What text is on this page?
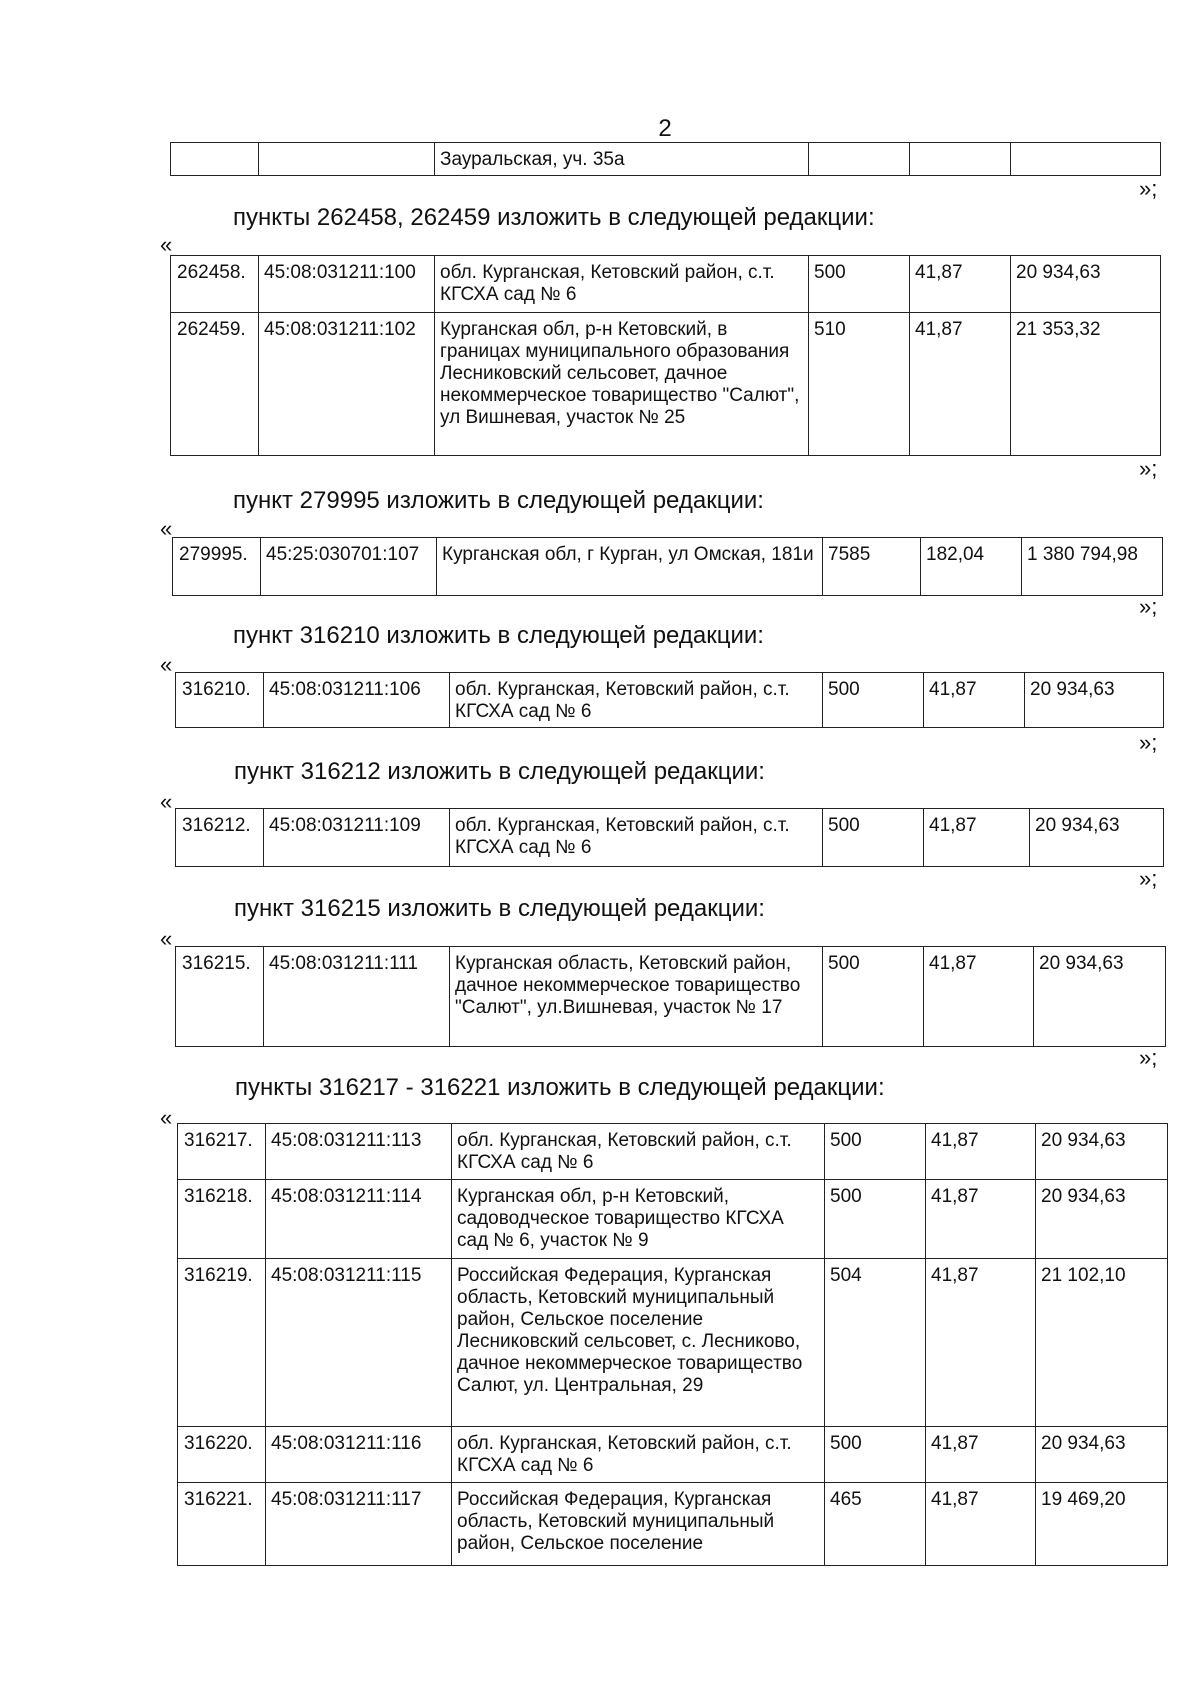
2
		Зауральская, уч. 35а			
»;
пункты 262458, 262459 изложить в следующей редакции:
«
262458.	45:08:031211:100	обл. Курганская, Кетовский район, с.т. КГСХА сад № 6	500	41,87	20 934,63
262459.	45:08:031211:102	Курганская обл, р-н Кетовский, в границах муниципального образования Лесниковский сельсовет, дачное некоммерческое товарищество "Салют", ул Вишневая, участок № 25	510	41,87	21 353,32
»;
пункт 279995 изложить в следующей редакции:
«
279995.	45:25:030701:107	Курганская обл, г Курган, ул Омская, 181и	7585	182,04	1 380 794,98
»;
пункт 316210 изложить в следующей редакции:
«
316210.	45:08:031211:106	обл. Курганская, Кетовский район, с.т. КГСХА сад № 6	500	41,87	20 934,63
»;
пункт 316212 изложить в следующей редакции:
«
316212.	45:08:031211:109	обл. Курганская, Кетовский район, с.т. КГСХА сад № 6	500	41,87	20 934,63
»;
пункт 316215 изложить в следующей редакции:
«
316215.	45:08:031211:111	Курганская область, Кетовский район, дачное некоммерческое товарищество "Салют", ул.Вишневая, участок № 17	500	41,87	20 934,63
»;
пункты 316217 - 316221 изложить в следующей редакции:
«
316217.	45:08:031211:113	обл. Курганская, Кетовский район, с.т. КГСХА сад № 6	500	41,87	20 934,63
316218.	45:08:031211:114	Курганская обл, р-н Кетовский, садоводческое товарищество КГСХА сад № 6, участок № 9	500	41,87	20 934,63
316219.	45:08:031211:115	Российская Федерация, Курганская область, Кетовский муниципальный район, Сельское поселение Лесниковский сельсовет, с. Лесниково, дачное некоммерческое товарищество Салют, ул. Центральная, 29	504	41,87	21 102,10
316220.	45:08:031211:116	обл. Курганская, Кетовский район, с.т. КГСХА сад № 6	500	41,87	20 934,63
316221.	45:08:031211:117	Российская Федерация, Курганская область, Кетовский муниципальный район, Сельское поселение	465	41,87	19 469,20
